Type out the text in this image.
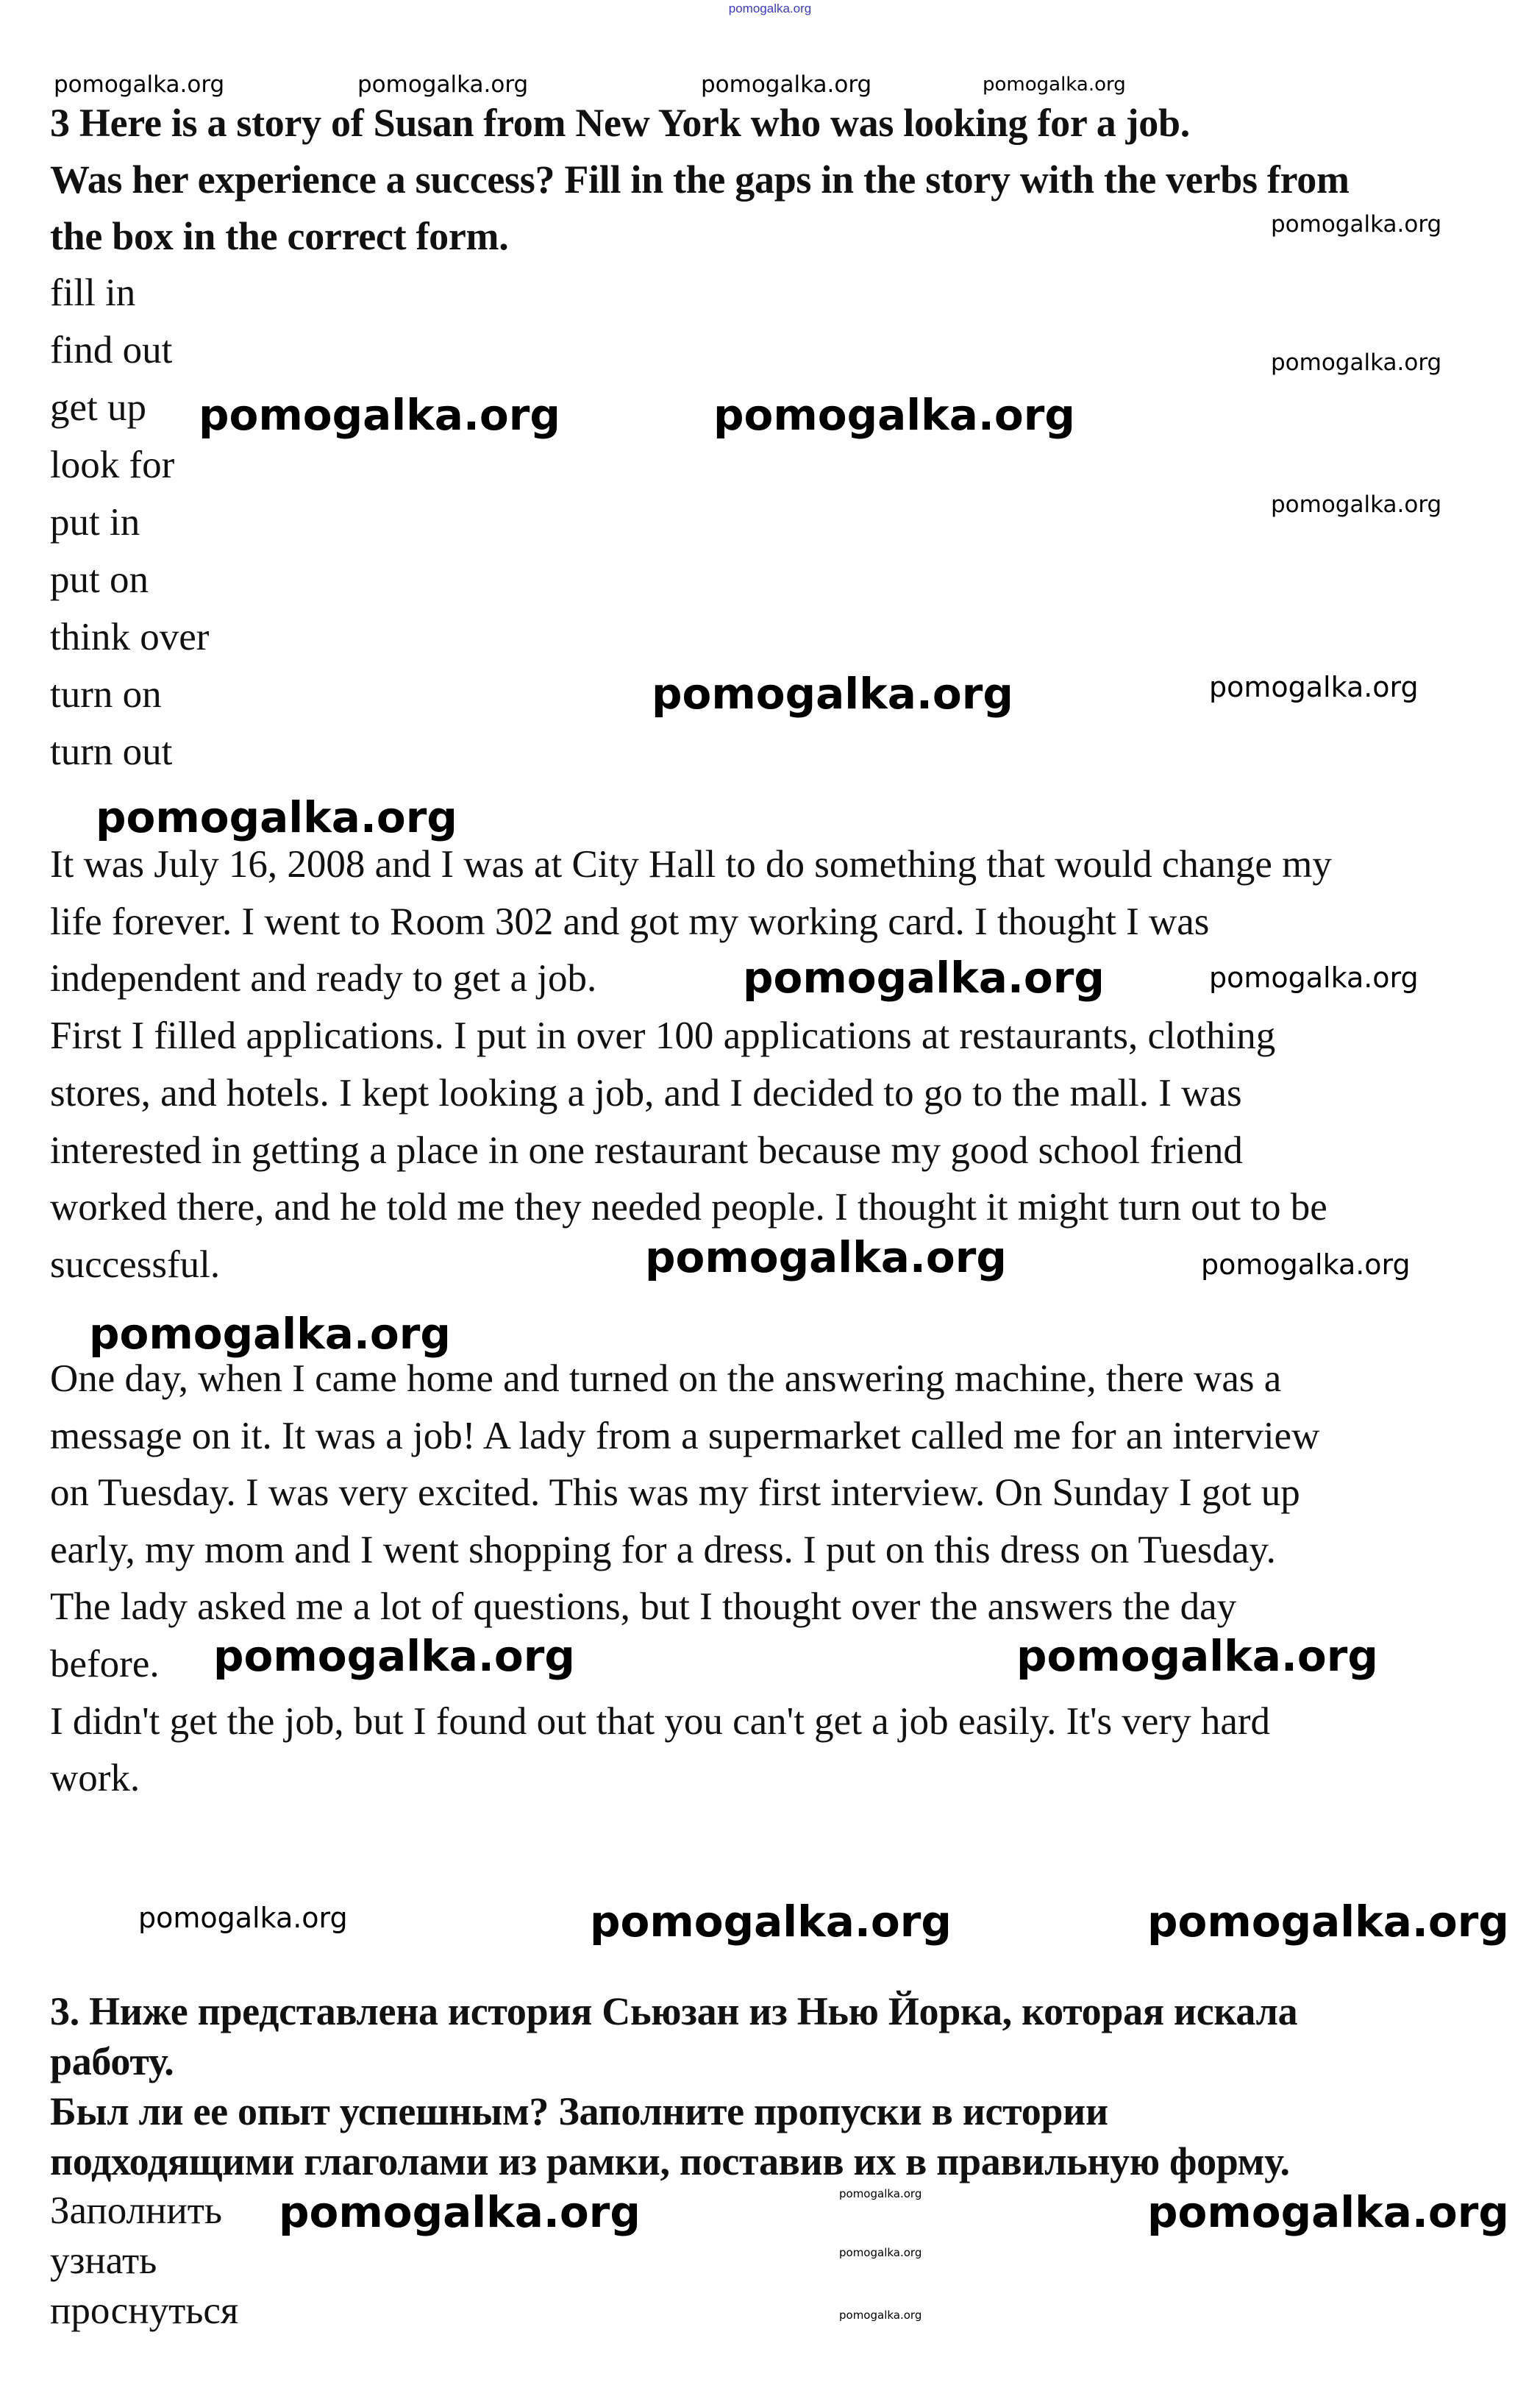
pomogalka.org
3 Here is a story of Susan from New York who was looking for a job.
Was her experience a success? Fill in the gaps in the story with the verbs from
the box in the correct form.
fill in
find out
get up
look for
put in
put on
think over
turn on
turn out
It was July 16, 2008 and I was at City Hall to do something that would change my
life forever. I went to Room 302 and got my working card. I thought I was
independent and ready to get a job.
First I filled applications. I put in over 100 applications at restaurants, clothing
stores, and hotels. I kept looking a job, and I decided to go to the mall. I was
interested in getting a place in one restaurant because my good school friend
worked there, and he told me they needed people. I thought it might turn out to be
successful.
One day, when I came home and turned on the answering machine, there was a
message on it. It was a job! A lady from a supermarket called me for an interview
on Tuesday. I was very excited. This was my first interview. On Sunday I got up
early, my mom and I went shopping for a dress. I put on this dress on Tuesday.
The lady asked me a lot of questions, but I thought over the answers the day
before.
I didn't get the job, but I found out that you can't get a job easily. It's very hard
work.
3. Ниже представлена история Сьюзан из Нью Йорка, которая искала
работу.
Был ли ее опыт успешным? Заполните пропуски в истории
подходящими глаголами из рамки, поставив их в правильную форму.
Заполнить
узнать
проснуться
pomogalka.org	pomogalka.org	pomogalka.org	pomogalka.org
pomogalka.org
pomogalka.org
pomogalka.org
pomogalka.org
pomogalka.org
pomogalka.org
pomogalka.org
pomogalka.org	pomogalka.org
pomogalka.org
pomogalka.org
pomogalka.org
pomogalka.org
pomogalka.org
pomogalka.org	pomogalka.org
pomogalka.org	pomogalka.org
pomogalka.org	pomogalka.org
pomogalka.org
pomogalka.org
pomogalka.org
